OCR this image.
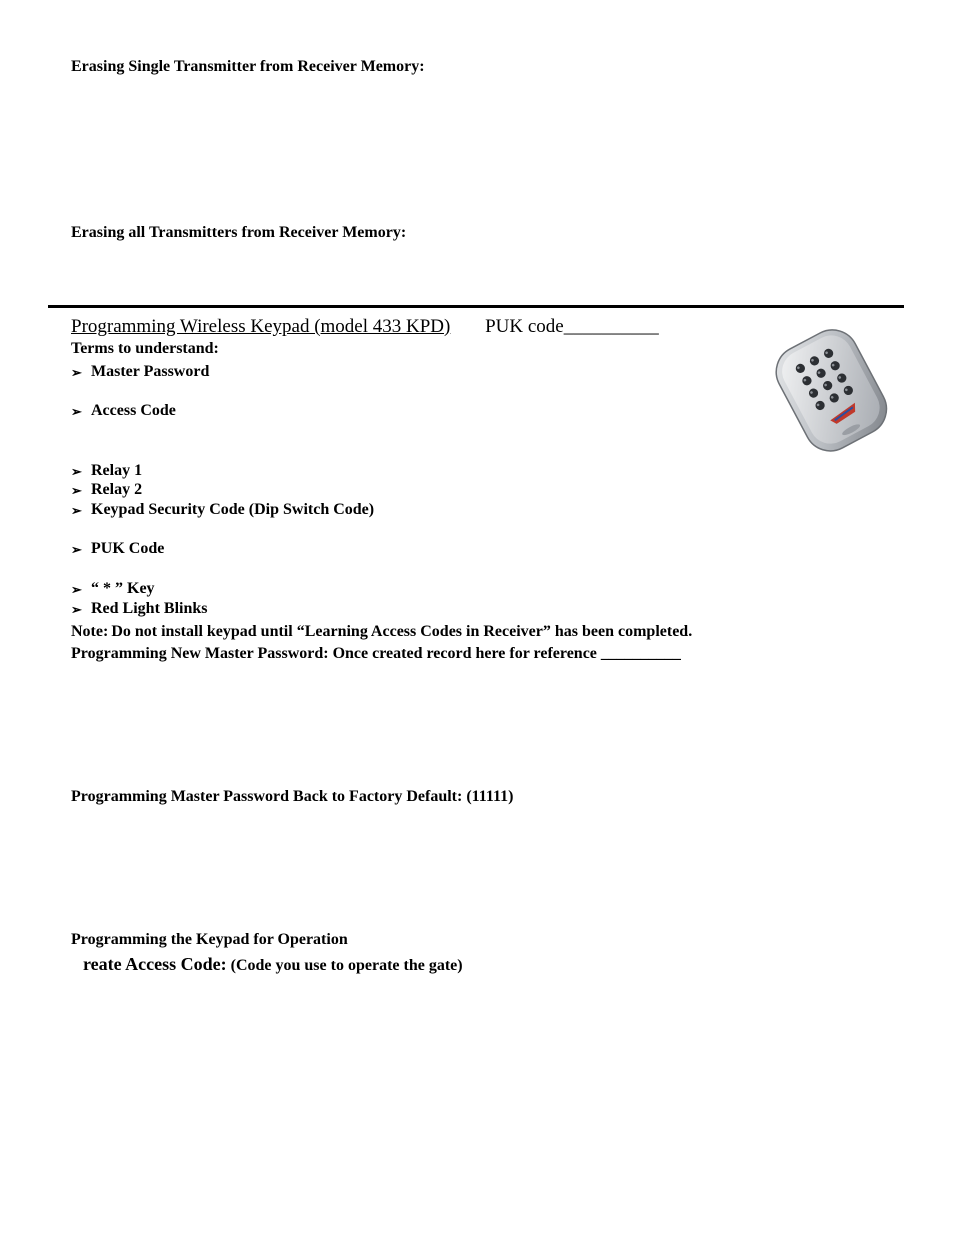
Erasing Single Transmitter from Receiver Memory:
Erasing all Transmitters from Receiver Memory:
Programming Wireless Keypad (model 433 KPD) PUK code__________
Terms to understand:
➢ Master Password
➢ Access Code
➢ Relay 1
➢ Relay 2
➢ Keypad Security Code (Dip Switch Code)
➢ PUK Code
➢ “ * ” Key
➢ Red Light Blinks
Note: Do not install keypad until “Learning Access Codes in Receiver” has been completed.
Programming New Master Password: Once created record here for reference __________
Programming Master Password Back to Factory Default: (11111)
Programming the Keypad for Operation
reate Access Code: (Code you use to operate the gate)
